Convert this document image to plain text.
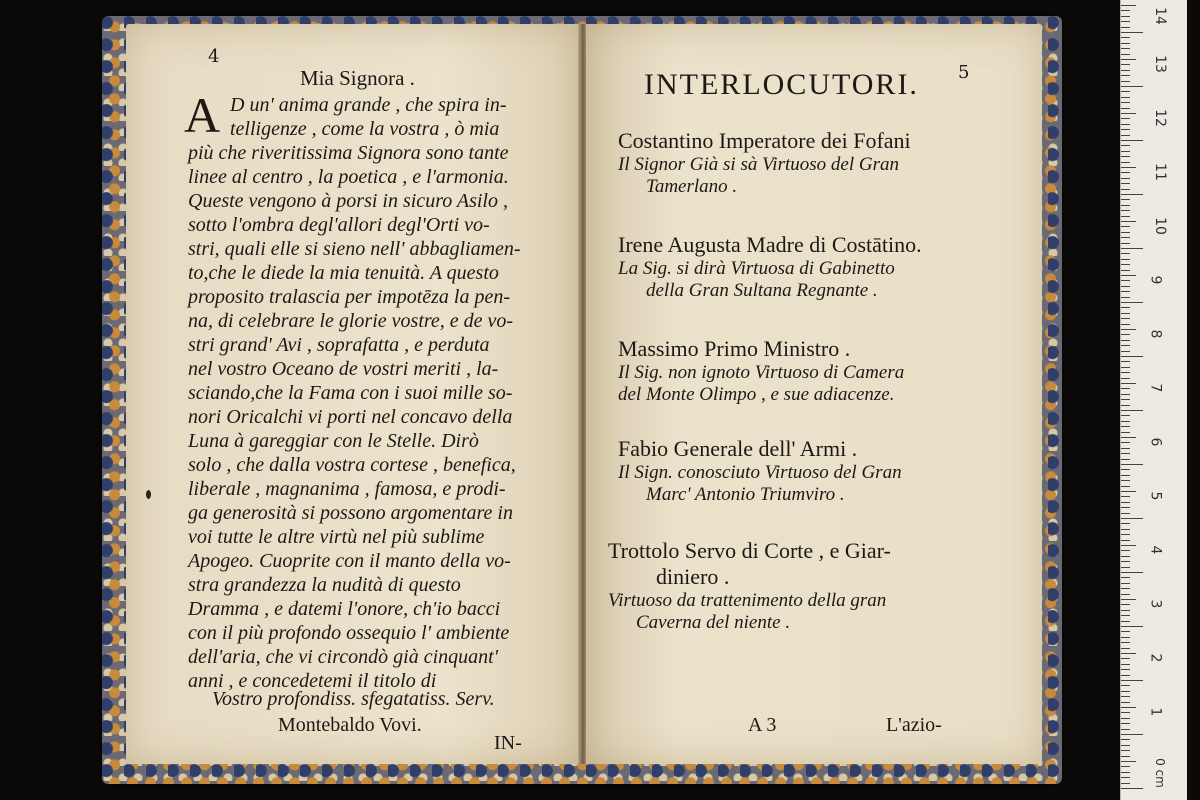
4
Mia Signora .
A D un' anima grande , che spira in-
telligenze , come la vostra , ò mia
più che riveritissima Signora sono tante
linee al centro , la poetica , e l'armonia.
Queste vengono à porsi in sicuro Asilo ,
sotto l'ombra degl'allori degl'Orti vo-
stri, quali elle si sieno nell' abbagliamen-
to,che le diede la mia tenuità. A questo
proposito tralascia per impotēza la pen-
na, di celebrare le glorie vostre, e de vo-
stri grand' Avi , soprafatta , e perduta
nel vostro Oceano de vostri meriti , la-
sciando,che la Fama con i suoi mille so-
nori Oricalchi vi porti nel concavo della
Luna à gareggiar con le Stelle. Dirò
solo , che dalla vostra cortese , benefica,
liberale , magnanima , famosa, e prodi-
ga generosità si possono argomentare in
voi tutte le altre virtù nel più sublime
Apogeo. Cuoprite con il manto della vo-
stra grandezza la nudità di questo
Dramma , e datemi l'onore, ch'io bacci
con il più profondo ossequio l' ambiente
dell'aria, che vi circondò già cinquant'
anni , e concedetemi il titolo di
Vostro profondiss. sfegatatiss. Serv.
Montebaldo Vovi.
IN-
5
INTERLOCUTORI.
Costantino Imperatore dei Fofani
Il Signor Già si sà Virtuoso del Gran
Tamerlano .
Irene Augusta Madre di Costātino.
La Sig. si dirà Virtuosa di Gabinetto
della Gran Sultana Regnante .
Massimo Primo Ministro .
Il Sig. non ignoto Virtuoso di Camera
del Monte Olimpo , e sue adiacenze.
Fabio Generale dell' Armi .
Il Sign. conosciuto Virtuoso del Gran
Marc' Antonio Triumviro .
Trottolo Servo di Corte , e Giar-
diniero .
Virtuoso da trattenimento della gran
Caverna del niente .
A 3	L'azio-
14
13
12
11
10
9
8
7
6
5
4
3
2
1
0 cm
